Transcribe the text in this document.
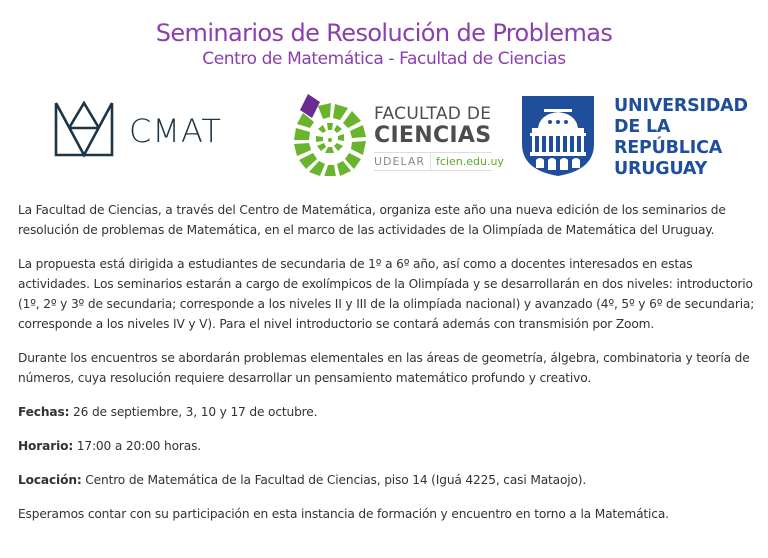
Seminarios de Resolución de Problemas
Centro de Matemática - Facultad de Ciencias
CMAT	FACULTAD DE
CIENCIAS
UDELAR	fcien.edu.uy
UNIVERSIDAD
DE LA REPÚBLICA
URUGUAY

La Facultad de Ciencias, a través del Centro de Matemática, organiza este año una nueva edición de los seminarios de resolución de problemas de Matemática, en el marco de las actividades de la Olimpíada de Matemática del Uruguay.

La propuesta está dirigida a estudiantes de secundaria de 1º a 6º año, así como a docentes interesados en estas actividades. Los seminarios estarán a cargo de exolímpicos de la Olimpíada y se desarrollarán en dos niveles: introductorio (1º, 2º y 3º de secundaria; corresponde a los niveles II y III de la olimpíada nacional) y avanzado (4º, 5º y 6º de secundaria; corresponde a los niveles IV y V). Para el nivel introductorio se contará además con transmisión por Zoom.

Durante los encuentros se abordarán problemas elementales en las áreas de geometría, álgebra, combinatoria y teoría de números, cuya resolución requiere desarrollar un pensamiento matemático profundo y creativo.

Fechas: 26 de septiembre, 3, 10 y 17 de octubre.

Horario: 17:00 a 20:00 horas.

Locación: Centro de Matemática de la Facultad de Ciencias, piso 14 (Iguá 4225, casi Mataojo).

Esperamos contar con su participación en esta instancia de formación y encuentro en torno a la Matemática.
